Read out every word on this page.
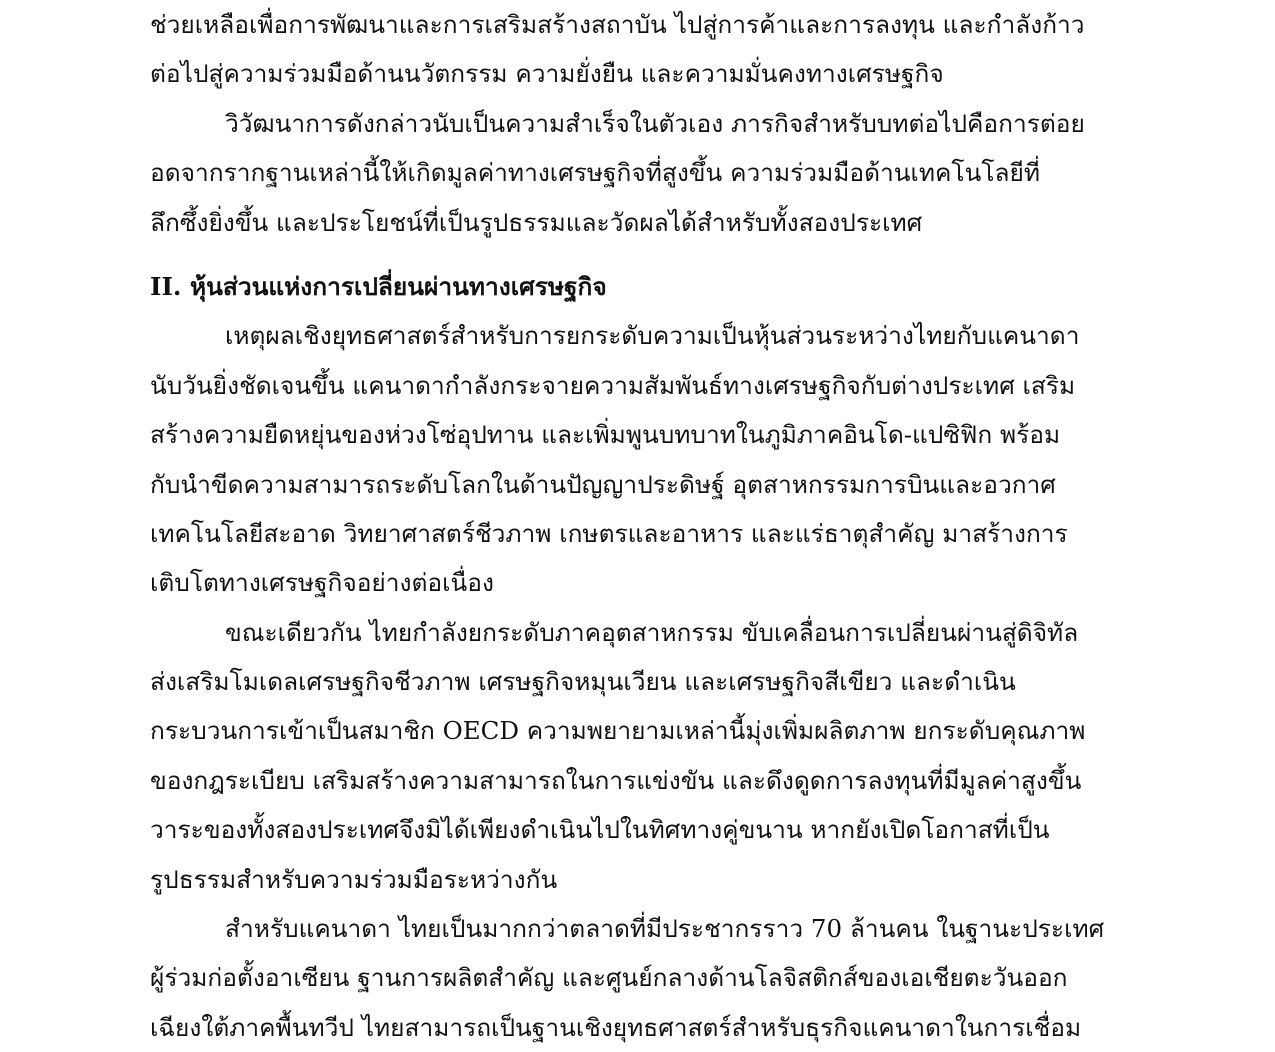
ช่วยเหลือเพื่อการพัฒนาและการเสริมสร้างสถาบัน ไปสู่การค้าและการลงทุน และกำลังก้าว
ต่อไปสู่ความร่วมมือด้านนวัตกรรม ความยั่งยืน และความมั่นคงทางเศรษฐกิจ
วิวัฒนาการดังกล่าวนับเป็นความสำเร็จในตัวเอง ภารกิจสำหรับบทต่อไปคือการต่อย
อดจากรากฐานเหล่านี้ให้เกิดมูลค่าทางเศรษฐกิจที่สูงขึ้น ความร่วมมือด้านเทคโนโลยีที่
ลึกซึ้งยิ่งขึ้น และประโยชน์ที่เป็นรูปธรรมและวัดผลได้สำหรับทั้งสองประเทศ
II. หุ้นส่วนแห่งการเปลี่ยนผ่านทางเศรษฐกิจ
เหตุผลเชิงยุทธศาสตร์สำหรับการยกระดับความเป็นหุ้นส่วนระหว่างไทยกับแคนาดา
นับวันยิ่งชัดเจนขึ้น แคนาดากำลังกระจายความสัมพันธ์ทางเศรษฐกิจกับต่างประเทศ เสริม
สร้างความยืดหยุ่นของห่วงโซ่อุปทาน และเพิ่มพูนบทบาทในภูมิภาคอินโด-แปซิฟิก พร้อม
กับนำขีดความสามารถระดับโลกในด้านปัญญาประดิษฐ์ อุตสาหกรรมการบินและอวกาศ
เทคโนโลยีสะอาด วิทยาศาสตร์ชีวภาพ เกษตรและอาหาร และแร่ธาตุสำคัญ มาสร้างการ
เติบโตทางเศรษฐกิจอย่างต่อเนื่อง
ขณะเดียวกัน ไทยกำลังยกระดับภาคอุตสาหกรรม ขับเคลื่อนการเปลี่ยนผ่านสู่ดิจิทัล
ส่งเสริมโมเดลเศรษฐกิจชีวภาพ เศรษฐกิจหมุนเวียน และเศรษฐกิจสีเขียว และดำเนิน
กระบวนการเข้าเป็นสมาชิก OECD ความพยายามเหล่านี้มุ่งเพิ่มผลิตภาพ ยกระดับคุณภาพ
ของกฎระเบียบ เสริมสร้างความสามารถในการแข่งขัน และดึงดูดการลงทุนที่มีมูลค่าสูงขึ้น
วาระของทั้งสองประเทศจึงมิได้เพียงดำเนินไปในทิศทางคู่ขนาน หากยังเปิดโอกาสที่เป็น
รูปธรรมสำหรับความร่วมมือระหว่างกัน
สำหรับแคนาดา ไทยเป็นมากกว่าตลาดที่มีประชากรราว 70 ล้านคน ในฐานะประเทศ
ผู้ร่วมก่อตั้งอาเซียน ฐานการผลิตสำคัญ และศูนย์กลางด้านโลจิสติกส์ของเอเชียตะวันออก
เฉียงใต้ภาคพื้นทวีป ไทยสามารถเป็นฐานเชิงยุทธศาสตร์สำหรับธุรกิจแคนาดาในการเชื่อม
